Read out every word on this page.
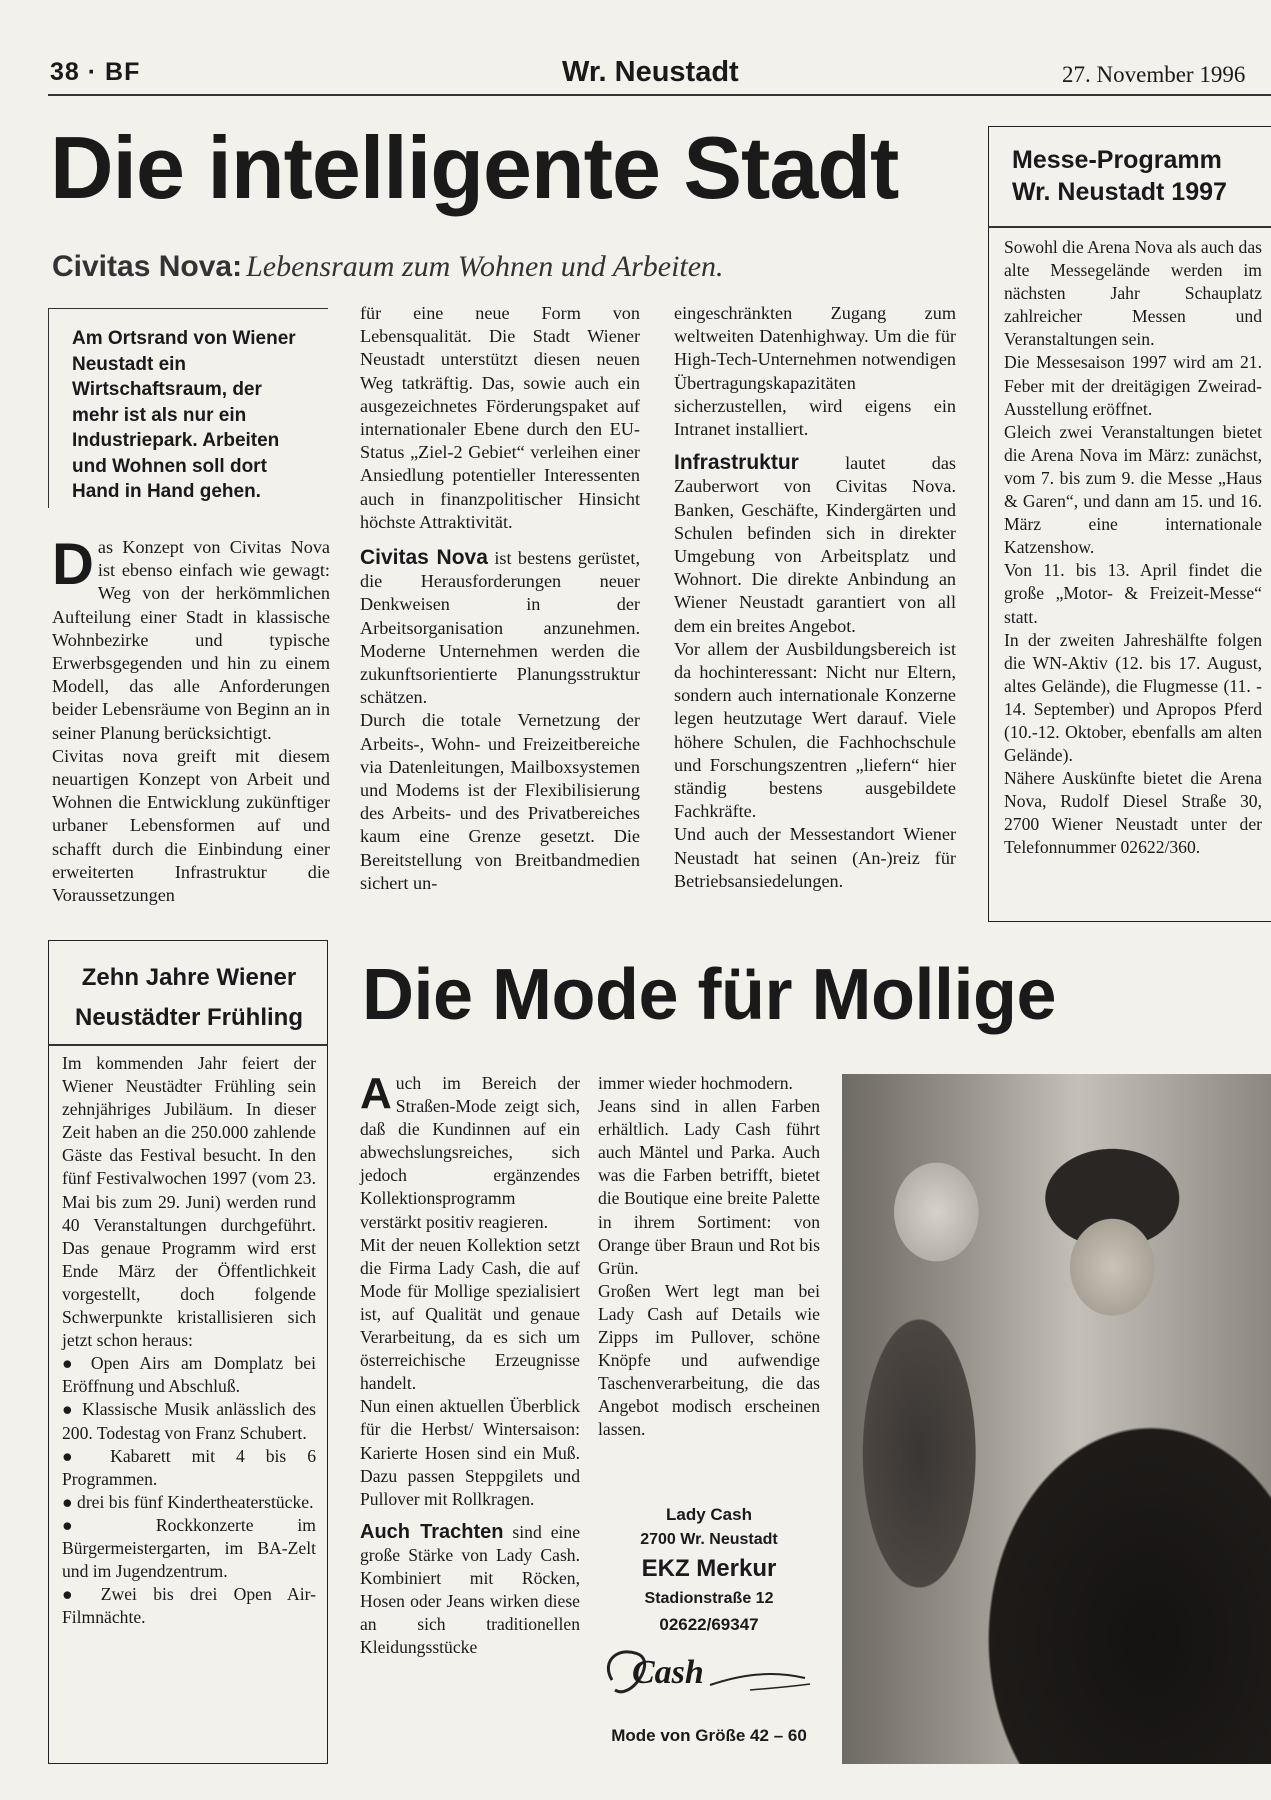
38 · BF	Wr. Neustadt	27. November 1996
Die intelligente Stadt
Civitas Nova: Lebensraum zum Wohnen und Arbeiten.
Am Ortsrand von Wiener Neustadt ein Wirtschaftsraum, der mehr ist als nur ein Industriepark. Arbeiten und Wohnen soll dort Hand in Hand gehen.

Das Konzept von Civitas Nova ist ebenso einfach wie gewagt: Weg von der herkömmlichen Aufteilung einer Stadt in klassische Wohnbezirke und typische Erwerbsgegenden und hin zu einem Modell, das alle Anforderungen beider Lebensräume von Beginn an in seiner Planung berücksichtigt.

Civitas nova greift mit diesem neuartigen Konzept von Arbeit und Wohnen die Entwicklung zukünftiger urbaner Lebensformen auf und schafft durch die Einbindung einer erweiterten Infrastruktur die Voraussetzungen

für eine neue Form von Lebensqualität. Die Stadt Wiener Neustadt unterstützt diesen neuen Weg tatkräftig. Das, sowie auch ein ausgezeichnetes Förderungspaket auf internationaler Ebene durch den EU-Status „Ziel-2 Gebiet“ verleihen einer Ansiedlung potentieller Interessenten auch in finanzpolitischer Hinsicht höchste Attraktivität.

Civitas Nova ist bestens gerüstet, die Herausforderungen neuer Denkweisen in der Arbeitsorganisation anzunehmen. Moderne Unternehmen werden die zukunftsorientierte Planungsstruktur schätzen.

Durch die totale Vernetzung der Arbeits-, Wohn- und Freizeitbereiche via Datenleitungen, Mailboxsystemen und Modems ist der Flexibilisierung des Arbeits- und des Privatbereiches kaum eine Grenze gesetzt. Die Bereitstellung von Breitbandmedien sichert un-

eingeschränkten Zugang zum weltweiten Datenhighway. Um die für High-Tech-Unternehmen notwendigen Übertragungskapazitäten sicherzustellen, wird eigens ein Intranet installiert.

Infrastruktur	lautet das Zauberwort von Civitas Nova. Banken, Geschäfte, Kindergärten und Schulen befinden sich in direkter Umgebung von Arbeitsplatz und Wohnort. Die direkte Anbindung an Wiener Neustadt garantiert von all dem ein breites Angebot.

Vor allem der Ausbildungsbereich ist da hochinteressant: Nicht nur Eltern, sondern auch internationale Konzerne legen heutzutage Wert darauf. Viele höhere Schulen, die Fachhochschule und Forschungszentren „liefern“ hier ständig bestens ausgebildete Fachkräfte.

Und auch der Messestandort Wiener Neustadt hat seinen (An-)reiz für Betriebsansiedelungen.

Messe-Programm Wr. Neustadt 1997

Sowohl die Arena Nova als auch das alte Messegelände werden im nächsten Jahr Schauplatz zahlreicher Messen und Veranstaltungen sein.

Die Messesaison 1997 wird am 21. Feber mit der dreitägigen Zweirad-Ausstellung eröffnet.

Gleich zwei Veranstaltungen bietet die Arena Nova im März: zunächst, vom 7. bis zum 9. die Messe „Haus & Garen“, und dann am 15. und 16. März eine internationale Katzenshow.

Von 11. bis 13. April findet die große „Motor- & Freizeit-Messe“ statt.

In der zweiten Jahreshälfte folgen die WN-Aktiv (12. bis 17. August, altes Gelände), die Flugmesse (11. - 14. September) und Apropos Pferd (10.-12. Oktober, ebenfalls am alten Gelände).

Nähere Auskünfte bietet die Arena Nova, Rudolf Diesel Straße 30, 2700 Wiener Neustadt unter der Telefonnummer 02622/360.

Zehn Jahre Wiener Neustädter Frühling

Im kommenden Jahr feiert der Wiener Neustädter Frühling sein zehnjähriges Jubiläum. In dieser Zeit haben an die 250.000 zahlende Gäste das Festival besucht. In den fünf Festivalwochen 1997 (vom 23. Mai bis zum 29. Juni) werden rund 40 Veranstaltungen durchgeführt. Das genaue Programm wird erst Ende März der Öffentlichkeit vorgestellt, doch folgende Schwerpunkte kristallisieren sich jetzt schon heraus:

● Open Airs am Domplatz bei Eröffnung und Abschluß.

● Klassische Musik anlässlich des 200. Todestag von Franz Schubert.

● Kabarett mit 4 bis 6 Programmen.

● drei bis fünf Kindertheaterstücke.

● Rockkonzerte im Bürgermeistergarten, im BA-Zelt und im Jugendzentrum.

● Zwei bis drei Open Air-Filmnächte.

Die Mode für Mollige

Auch im Bereich der Straßen-Mode zeigt sich, daß die Kundinnen auf ein abwechslungsreiches, sich jedoch ergänzendes Kollektionsprogramm verstärkt positiv reagieren.

Mit der neuen Kollektion setzt die Firma Lady Cash, die auf Mode für Mollige spezialisiert ist, auf Qualität und genaue Verarbeitung, da es sich um österreichische Erzeugnisse handelt.

Nun einen aktuellen Überblick für die Herbst/ Wintersaison: Karierte Hosen sind ein Muß. Dazu passen Steppgilets und Pullover mit Rollkragen.

Auch Trachten sind eine große Stärke von Lady Cash. Kombiniert mit Röcken, Hosen oder Jeans wirken diese an sich traditionellen Kleidungsstücke

immer wieder hochmodern.

Jeans sind in allen Farben erhältlich. Lady Cash führt auch Mäntel und Parka. Auch was die Farben betrifft, bietet die Boutique eine breite Palette in ihrem Sortiment: von Orange über Braun und Rot bis Grün.

Großen Wert legt man bei Lady Cash auf Details wie Zipps im Pullover, schöne Knöpfe und aufwendige Taschenverarbeitung, die das Angebot modisch erscheinen lassen.

Lady Cash
2700 Wr. Neustadt
EKZ Merkur
Stadionstraße 12
02622/69347
Cash
Mode von Größe 42 – 60
